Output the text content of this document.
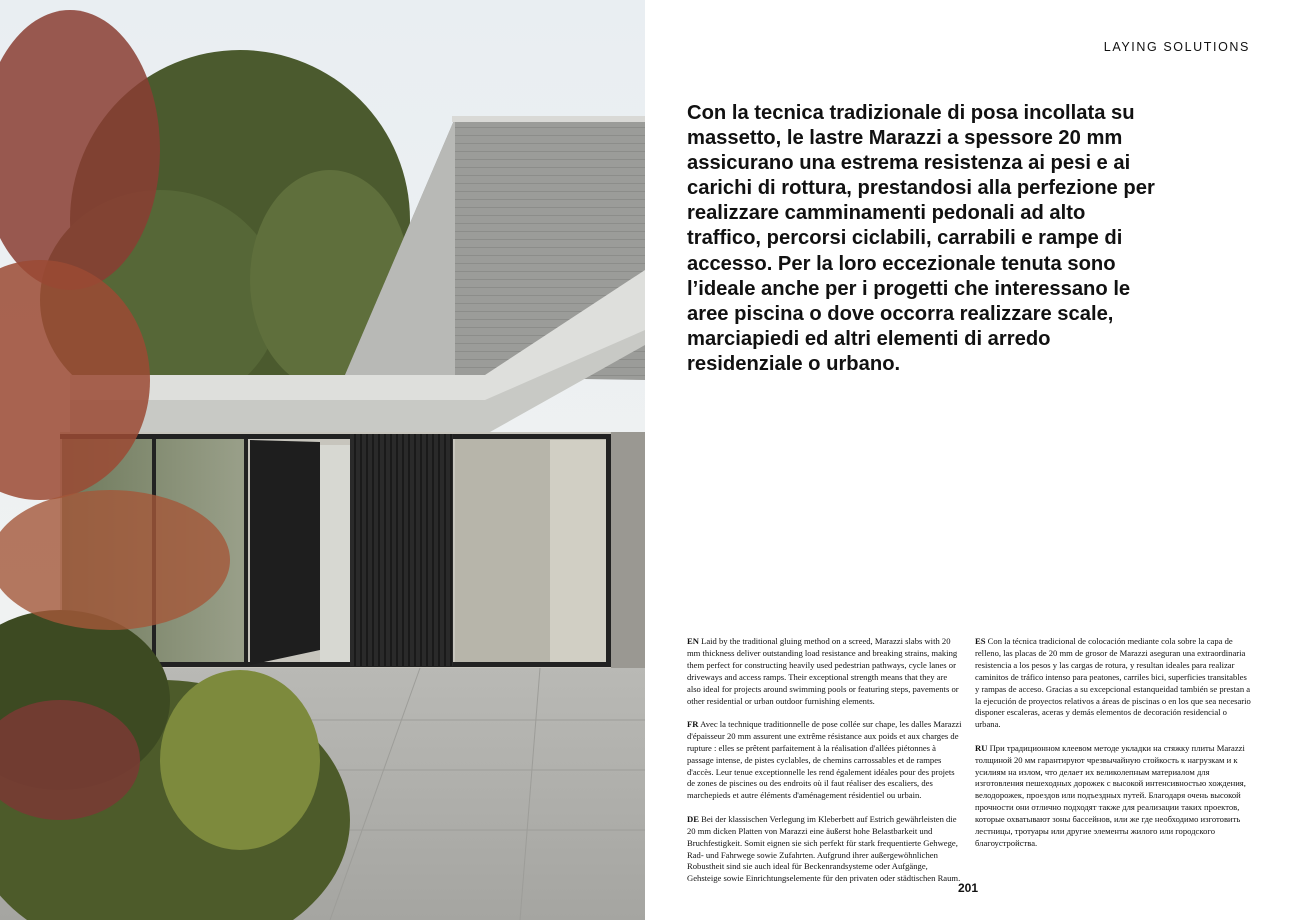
LAYING SOLUTIONS

Con la tecnica tradizionale di posa incollata su massetto, le lastre Marazzi a spessore 20 mm assicurano una estrema resistenza ai pesi e ai carichi di rottura, prestandosi alla perfezione per realizzare camminamenti pedonali ad alto traffico, percorsi ciclabili, carrabili e rampe di accesso. Per la loro eccezionale tenuta sono l’ideale anche per i progetti che interessano le aree piscina o dove occorra realizzare scale, marciapiedi ed altri elementi di arredo residenziale o urbano.

EN Laid by the traditional gluing method on a screed, Marazzi slabs with 20 mm thickness deliver outstanding load resistance and breaking strains, making them perfect for constructing heavily used pedestrian pathways, cycle lanes or driveways and access ramps. Their exceptional strength means that they are also ideal for projects around swimming pools or featuring steps, pavements or other residential or urban outdoor furnishing elements.

FR Avec la technique traditionnelle de pose collée sur chape, les dalles Marazzi d'épaisseur 20 mm assurent une extrême résistance aux poids et aux charges de rupture : elles se prêtent parfaitement à la réalisation d'allées piétonnes à passage intense, de pistes cyclables, de chemins carrossables et de rampes d'accès. Leur tenue exceptionnelle les rend également idéales pour des projets de zones de piscines ou des endroits où il faut réaliser des escaliers, des marchepieds et autre éléments d'aménagement résidentiel ou urbain.

DE Bei der klassischen Verlegung im Kleberbett auf Estrich gewährleisten die 20 mm dicken Platten von Marazzi eine äußerst hohe Belastbarkeit und Bruchfestigkeit. Somit eignen sie sich perfekt für stark frequentierte Gehwege, Rad- und Fahrwege sowie Zufahrten. Aufgrund ihrer außergewöhnlichen Robustheit sind sie auch ideal für Beckenrandsysteme oder Aufgänge, Gehsteige sowie Einrichtungselemente für den privaten oder städtischen Raum.

ES Con la técnica tradicional de colocación mediante cola sobre la capa de relleno, las placas de 20 mm de grosor de Marazzi aseguran una extraordinaria resistencia a los pesos y las cargas de rotura, y resultan ideales para realizar caminitos de tráfico intenso para peatones, carriles bici, superficies transitables y rampas de acceso. Gracias a su excepcional estanqueidad también se prestan a la ejecución de proyectos relativos a áreas de piscinas o en los que sea necesario disponer escaleras, aceras y demás elementos de decoración residencial o urbana.

RU При традиционном клеевом методе укладки на стяжку плиты Marazzi толщиной 20 мм гарантируют чрезвычайную стойкость к нагрузкам и к усилиям на излом, что делает их великолепным материалом для изготовления пешеходных дорожек с высокой интенсивностью хождения, велодорожек, проездов или подъездных путей. Благодаря очень высокой прочности они отлично подходят также для реализации таких проектов, которые охватывают зоны бассейнов, или же где необходимо изготовить лестницы, тротуары или другие элементы жилого или городского благоустройства.

201
